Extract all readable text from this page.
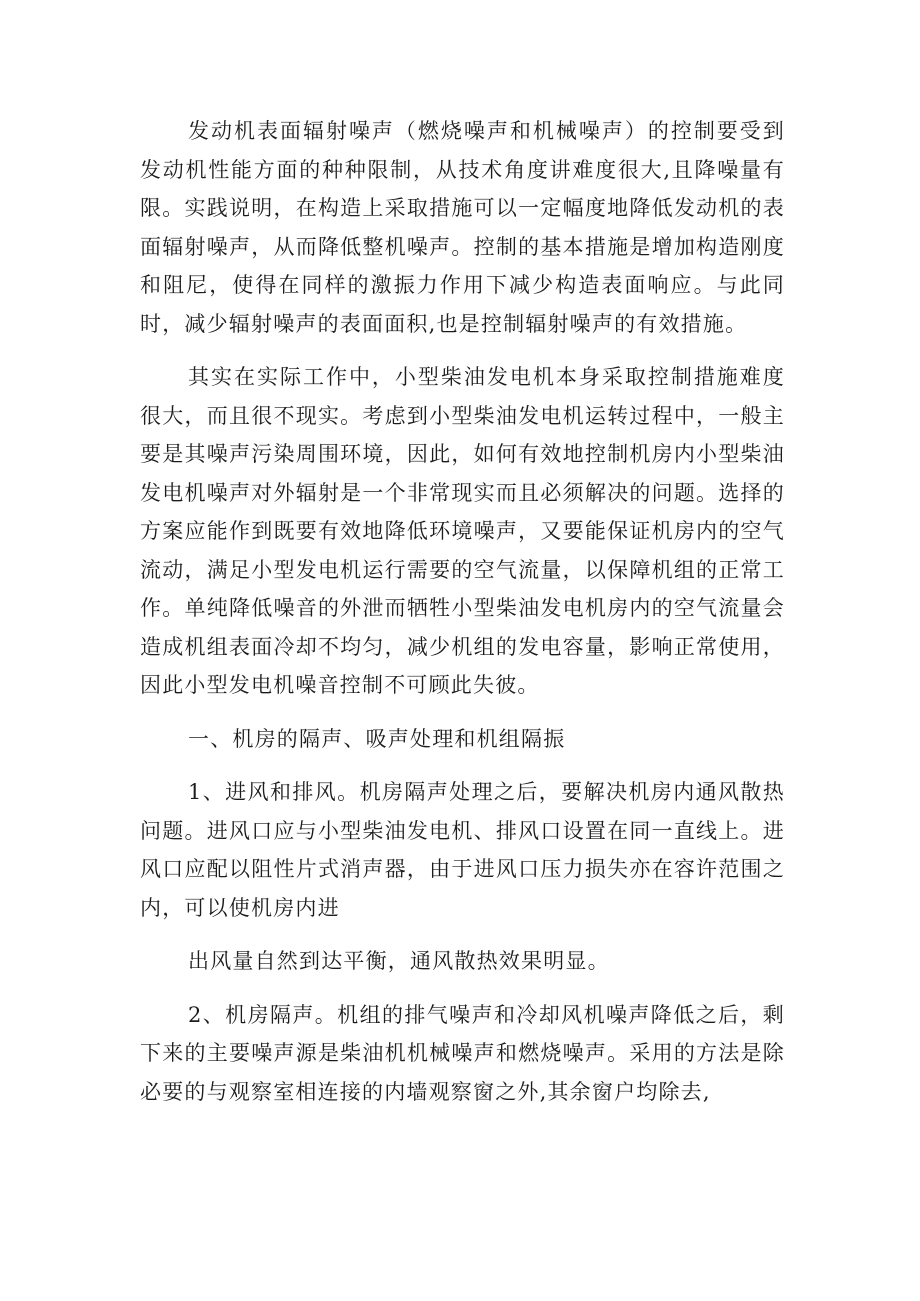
发动机表面辐射噪声（燃烧噪声和机械噪声）的控制要受到发动机性能方面的种种限制，从技术角度讲难度很大,且降噪量有限。实践说明，在构造上采取措施可以一定幅度地降低发动机的表面辐射噪声，从而降低整机噪声。控制的基本措施是增加构造刚度和阻尼，使得在同样的激振力作用下减少构造表面响应。与此同时，减少辐射噪声的表面面积,也是控制辐射噪声的有效措施。

其实在实际工作中，小型柴油发电机本身采取控制措施难度很大，而且很不现实。考虑到小型柴油发电机运转过程中，一般主要是其噪声污染周围环境，因此，如何有效地控制机房内小型柴油发电机噪声对外辐射是一个非常现实而且必须解决的问题。选择的方案应能作到既要有效地降低环境噪声，又要能保证机房内的空气流动，满足小型发电机运行需要的空气流量，以保障机组的正常工作。单纯降低噪音的外泄而牺牲小型柴油发电机房内的空气流量会造成机组表面冷却不均匀，减少机组的发电容量，影响正常使用，因此小型发电机噪音控制不可顾此失彼。

一、机房的隔声、吸声处理和机组隔振

1、进风和排风。机房隔声处理之后，要解决机房内通风散热问题。进风口应与小型柴油发电机、排风口设置在同一直线上。进风口应配以阻性片式消声器，由于进风口压力损失亦在容许范围之内，可以使机房内进

出风量自然到达平衡，通风散热效果明显。

2、机房隔声。机组的排气噪声和冷却风机噪声降低之后，剩下来的主要噪声源是柴油机机械噪声和燃烧噪声。采用的方法是除必要的与观察室相连接的内墙观察窗之外,其余窗户均除去,
